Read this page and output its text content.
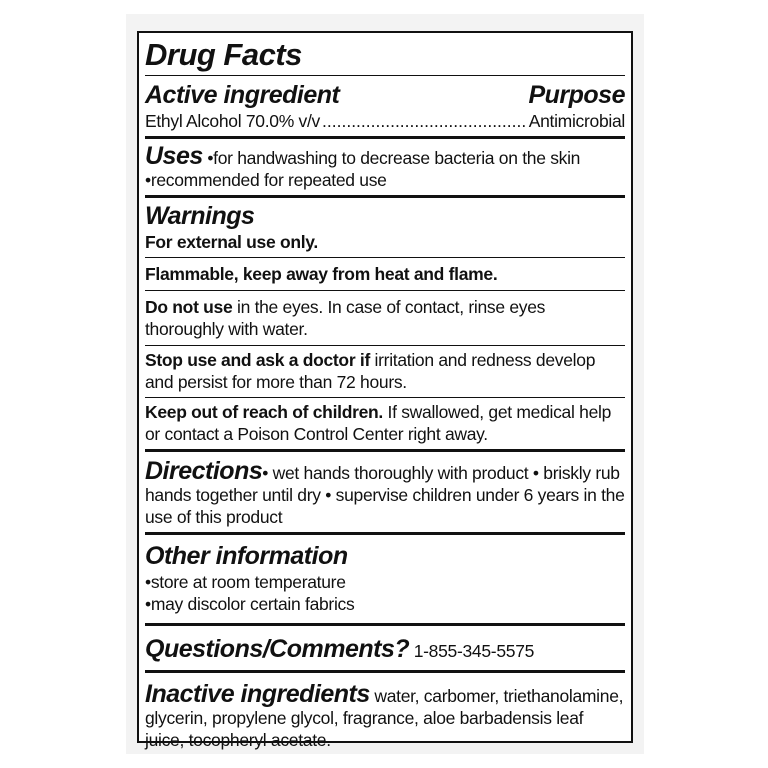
Drug Facts
Active ingredient	Purpose
Ethyl Alcohol 70.0% v/v .....	Antimicrobial
Uses • for handwashing to decrease bacteria on the skin
• recommended for repeated use
Warnings
For external use only.
Flammable, keep away from heat and flame.
Do not use in the eyes. In case of contact, rinse eyes thoroughly with water.
Stop use and ask a doctor if irritation and redness develop and persist for more than 72 hours.
Keep out of reach of children. If swallowed, get medical help or contact a Poison Control Center right away.
Directions• wet hands thoroughly with product • briskly rub hands together until dry • supervise children under 6 years in the use of this product
Other information
• store at room temperature
• may discolor certain fabrics
Questions/Comments? 1-855-345-5575
Inactive ingredients water, carbomer, triethanolamine, glycerin, propylene glycol, fragrance, aloe barbadensis leaf juice, tocopheryl acetate.
